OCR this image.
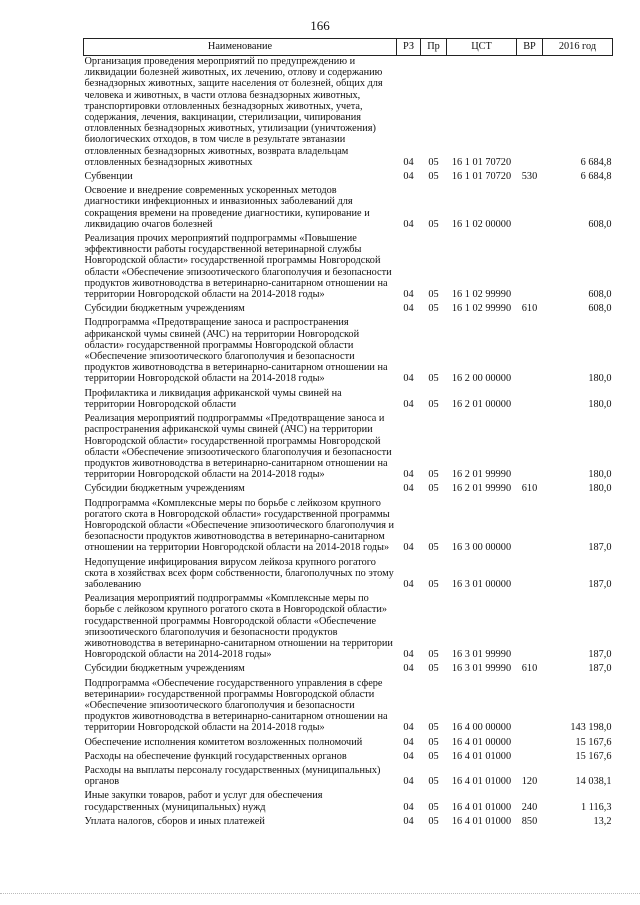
166
Наименование	РЗ	Пр	ЦСТ	ВР	2016 год
Организация проведения мероприятий по предупреждению и ликвидации болезней животных, их лечению, отлову и содержанию безнадзорных животных, защите населения от болезней, общих для человека и животных, в части отлова безнадзорных животных, транспортировки отловленных безнадзорных животных, учета, содержания, лечения, вакцинации, стерилизации, чипирования отловленных безнадзорных животных, утилизации (уничтожения) биологических отходов, в том числе в результате эвтаназии отловленных безнадзорных животных, возврата владельцам отловленных безнадзорных животных	04	05	16 1 01 70720		6 684,8
Субвенции	04	05	16 1 01 70720	530	6 684,8
Освоение и внедрение современных ускоренных методов диагностики инфекционных и инвазионных заболеваний для сокращения времени на проведение диагностики, купирование и ликвидацию очагов болезней	04	05	16 1 02 00000		608,0
Реализация прочих мероприятий подпрограммы «Повышение эффективности работы государственной ветеринарной службы Новгородской области» государственной программы Новгородской области «Обеспечение эпизоотического благополучия и безопасности продуктов животноводства в ветеринарно-санитарном отношении на территории Новгородской области на 2014-2018 годы»	04	05	16 1 02 99990		608,0
Субсидии бюджетным учреждениям	04	05	16 1 02 99990	610	608,0
Подпрограмма «Предотвращение заноса и распространения африканской чумы свиней (АЧС) на территории Новгородской области» государственной программы Новгородской области «Обеспечение эпизоотического благополучия и безопасности продуктов животноводства в ветеринарно-санитарном отношении на территории Новгородской области на 2014-2018 годы»	04	05	16 2 00 00000		180,0
Профилактика и ликвидация африканской чумы свиней на территории Новгородской области	04	05	16 2 01 00000		180,0
Реализация мероприятий подпрограммы «Предотвращение заноса и распространения африканской чумы свиней (АЧС) на территории Новгородской области» государственной программы Новгородской области «Обеспечение эпизоотического благополучия и безопасности продуктов животноводства в ветеринарно-санитарном отношении на территории Новгородской области на 2014-2018 годы»	04	05	16 2 01 99990		180,0
Субсидии бюджетным учреждениям	04	05	16 2 01 99990	610	180,0
Подпрограмма «Комплексные меры по борьбе с лейкозом крупного рогатого скота в Новгородской области» государственной программы Новгородской области «Обеспечение эпизоотического благополучия и безопасности продуктов животноводства в ветеринарно-санитарном отношении на территории Новгородской области на 2014-2018 годы»	04	05	16 3 00 00000		187,0
Недопущение инфицирования вирусом лейкоза крупного рогатого скота в хозяйствах всех форм собственности, благополучных по этому заболеванию	04	05	16 3 01 00000		187,0
Реализация мероприятий подпрограммы «Комплексные меры по борьбе с лейкозом крупного рогатого скота в Новгородской области» государственной программы Новгородской области «Обеспечение эпизоотического благополучия и безопасности продуктов животноводства в ветеринарно-санитарном отношении на территории Новгородской области на 2014-2018 годы»	04	05	16 3 01 99990		187,0
Субсидии бюджетным учреждениям	04	05	16 3 01 99990	610	187,0
Подпрограмма «Обеспечение государственного управления в сфере ветеринарии» государственной программы Новгородской области «Обеспечение эпизоотического благополучия и безопасности продуктов животноводства в ветеринарно-санитарном отношении на территории Новгородской области на 2014-2018 годы»	04	05	16 4 00 00000		143 198,0
Обеспечение исполнения комитетом возложенных полномочий	04	05	16 4 01 00000		15 167,6
Расходы на обеспечение функций государственных органов	04	05	16 4 01 01000		15 167,6
Расходы на выплаты персоналу государственных (муниципальных) органов	04	05	16 4 01 01000	120	14 038,1
Иные закупки товаров, работ и услуг для обеспечения государственных (муниципальных) нужд	04	05	16 4 01 01000	240	1 116,3
Уплата налогов, сборов и иных платежей	04	05	16 4 01 01000	850	13,2
